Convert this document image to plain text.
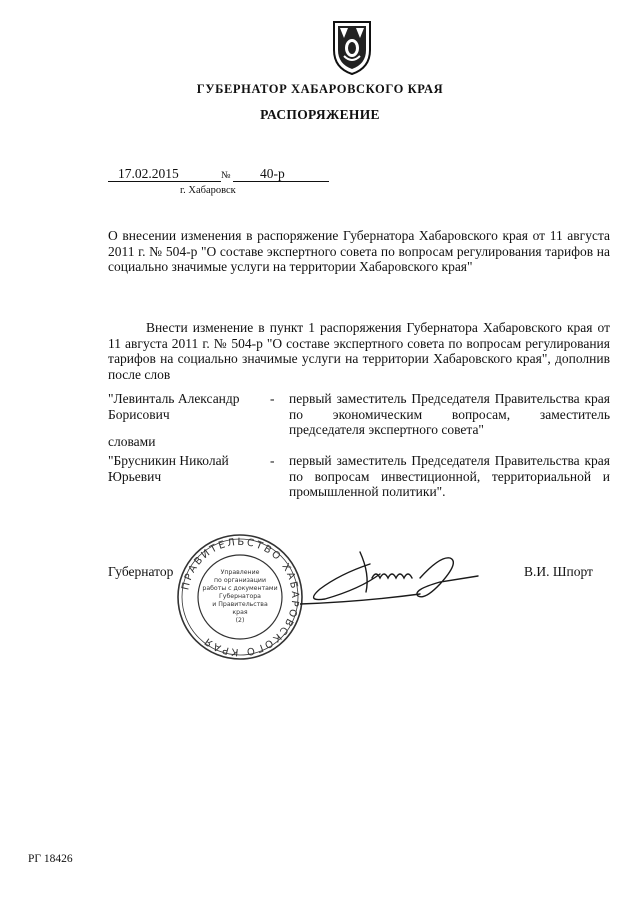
ГУБЕРНАТОР ХАБАРОВСКОГО КРАЯ
РАСПОРЯЖЕНИЕ
17.02.2015	№ 40-р
г. Хабаровск
О внесении изменения в распоряжение Губернатора Хабаровского края от 11 августа 2011 г. № 504-р "О составе экспертного совета по вопросам регулирования тарифов на социально значимые услуги на территории Хабаровского края"
Внести изменение в пункт 1 распоряжения Губернатора Хабаровского края от 11 августа 2011 г. № 504-р "О составе экспертного совета по вопросам регулирования тарифов на социально значимые услуги на территории Хабаровского края", дополнив после слов
"Левинталь Александр Борисович
- первый заместитель Председателя Правительства края по экономическим вопросам, заместитель председателя экспертного совета"
словами
"Брусникин Николай Юрьевич
- первый заместитель Председателя Правительства края по вопросам инвестиционной, территориальной и промышленной политики".
Губернатор	В.И. Шпорт
ПРАВИТЕЛЬСТВО ХАБАРОВСКОГО КРАЯ
Управление
по организации
работы с документами
Губернатора
и Правительства
края
(2)
РГ 18426
